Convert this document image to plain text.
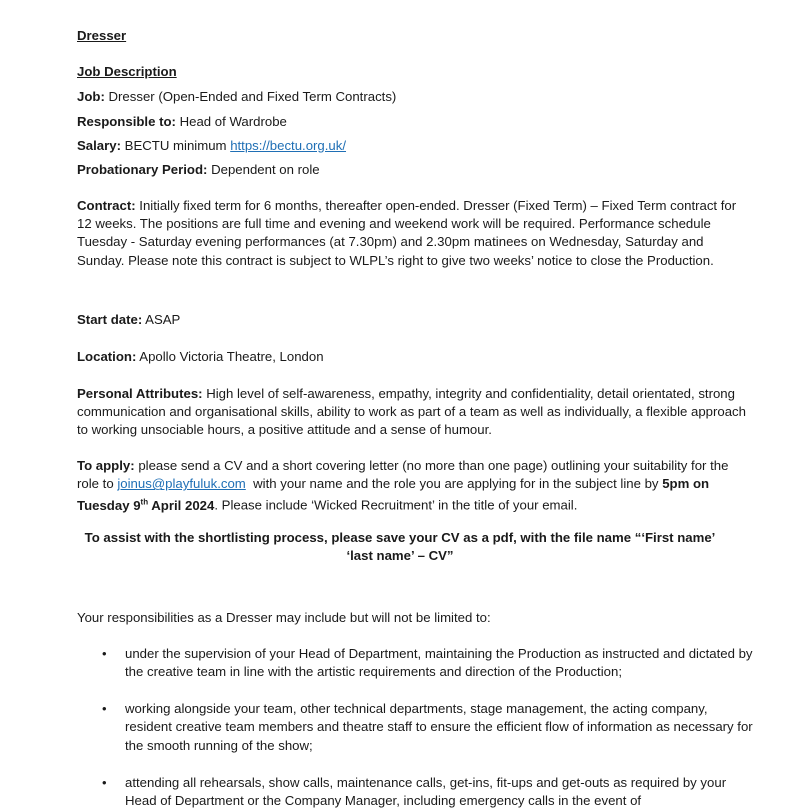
Dresser
Job Description
Job: Dresser (Open-Ended and Fixed Term Contracts)
Responsible to: Head of Wardrobe
Salary: BECTU minimum https://bectu.org.uk/
Probationary Period: Dependent on role
Contract: Initially fixed term for 6 months, thereafter open-ended. Dresser (Fixed Term) – Fixed Term contract for 12 weeks. The positions are full time and evening and weekend work will be required. Performance schedule Tuesday - Saturday evening performances (at 7.30pm) and 2.30pm matinees on Wednesday, Saturday and Sunday. Please note this contract is subject to WLPL’s right to give two weeks’ notice to close the Production.
Start date: ASAP
Location: Apollo Victoria Theatre, London
Personal Attributes: High level of self-awareness, empathy, integrity and confidentiality, detail orientated, strong communication and organisational skills, ability to work as part of a team as well as individually, a flexible approach to working unsociable hours, a positive attitude and a sense of humour.
To apply: please send a CV and a short covering letter (no more than one page) outlining your suitability for the role to joinus@playfuluk.com with your name and the role you are applying for in the subject line by 5pm on Tuesday 9th April 2024. Please include ‘Wicked Recruitment’ in the title of your email.
To assist with the shortlisting process, please save your CV as a pdf, with the file name “‘First name’ ‘last name’ – CV”
Your responsibilities as a Dresser may include but will not be limited to:
• under the supervision of your Head of Department, maintaining the Production as instructed and dictated by the creative team in line with the artistic requirements and direction of the Production;
• working alongside your team, other technical departments, stage management, the acting company, resident creative team members and theatre staff to ensure the efficient flow of information as necessary for the smooth running of the show;
• attending all rehearsals, show calls, maintenance calls, get-ins, fit-ups and get-outs as required by your Head of Department or the Company Manager, including emergency calls in the event of
